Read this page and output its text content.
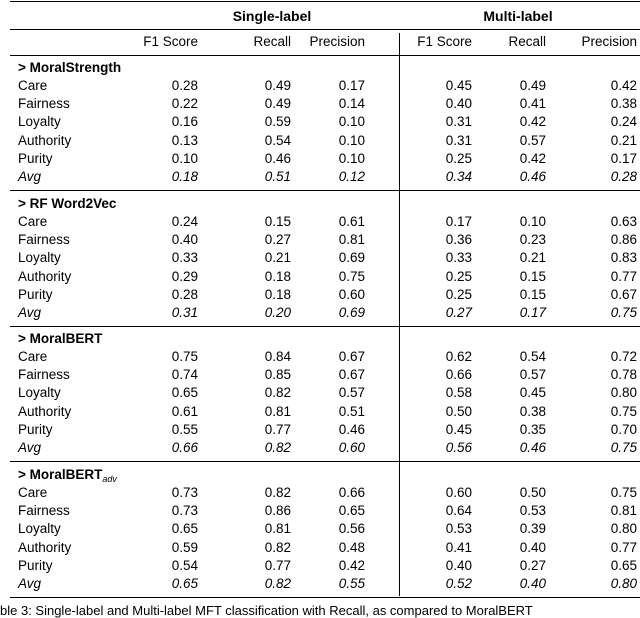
ble 3: Single-label and Multi-label MFT classification with Recall, as compared to MoralBERT
Single-label	Multi-label
F1 Score	Recall	Precision	F1 Score	Recall	Precision
> MoralStrength
Care	0.28	0.49	0.17	0.45	0.49	0.42
Fairness	0.22	0.49	0.14	0.40	0.41	0.38
Loyalty	0.16	0.59	0.10	0.31	0.42	0.24
Authority	0.13	0.54	0.10	0.31	0.57	0.21
Purity	0.10	0.46	0.10	0.25	0.42	0.17
Avg	0.18	0.51	0.12	0.34	0.46	0.28
> RF Word2Vec
Care	0.24	0.15	0.61	0.17	0.10	0.63
Fairness	0.40	0.27	0.81	0.36	0.23	0.86
Loyalty	0.33	0.21	0.69	0.33	0.21	0.83
Authority	0.29	0.18	0.75	0.25	0.15	0.77
Purity	0.28	0.18	0.60	0.25	0.15	0.67
Avg	0.31	0.20	0.69	0.27	0.17	0.75
> MoralBERT
Care	0.75	0.84	0.67	0.62	0.54	0.72
Fairness	0.74	0.85	0.67	0.66	0.57	0.78
Loyalty	0.65	0.82	0.57	0.58	0.45	0.80
Authority	0.61	0.81	0.51	0.50	0.38	0.75
Purity	0.55	0.77	0.46	0.45	0.35	0.70
Avg	0.66	0.82	0.60	0.56	0.46	0.75
> MoralBERT$_{adv}$
Care	0.73	0.82	0.66	0.60	0.50	0.75
Fairness	0.73	0.86	0.65	0.64	0.53	0.81
Loyalty	0.65	0.81	0.56	0.53	0.39	0.80
Authority	0.59	0.82	0.48	0.41	0.40	0.77
Purity	0.54	0.77	0.42	0.40	0.27	0.65
Avg	0.65	0.82	0.55	0.52	0.40	0.80
